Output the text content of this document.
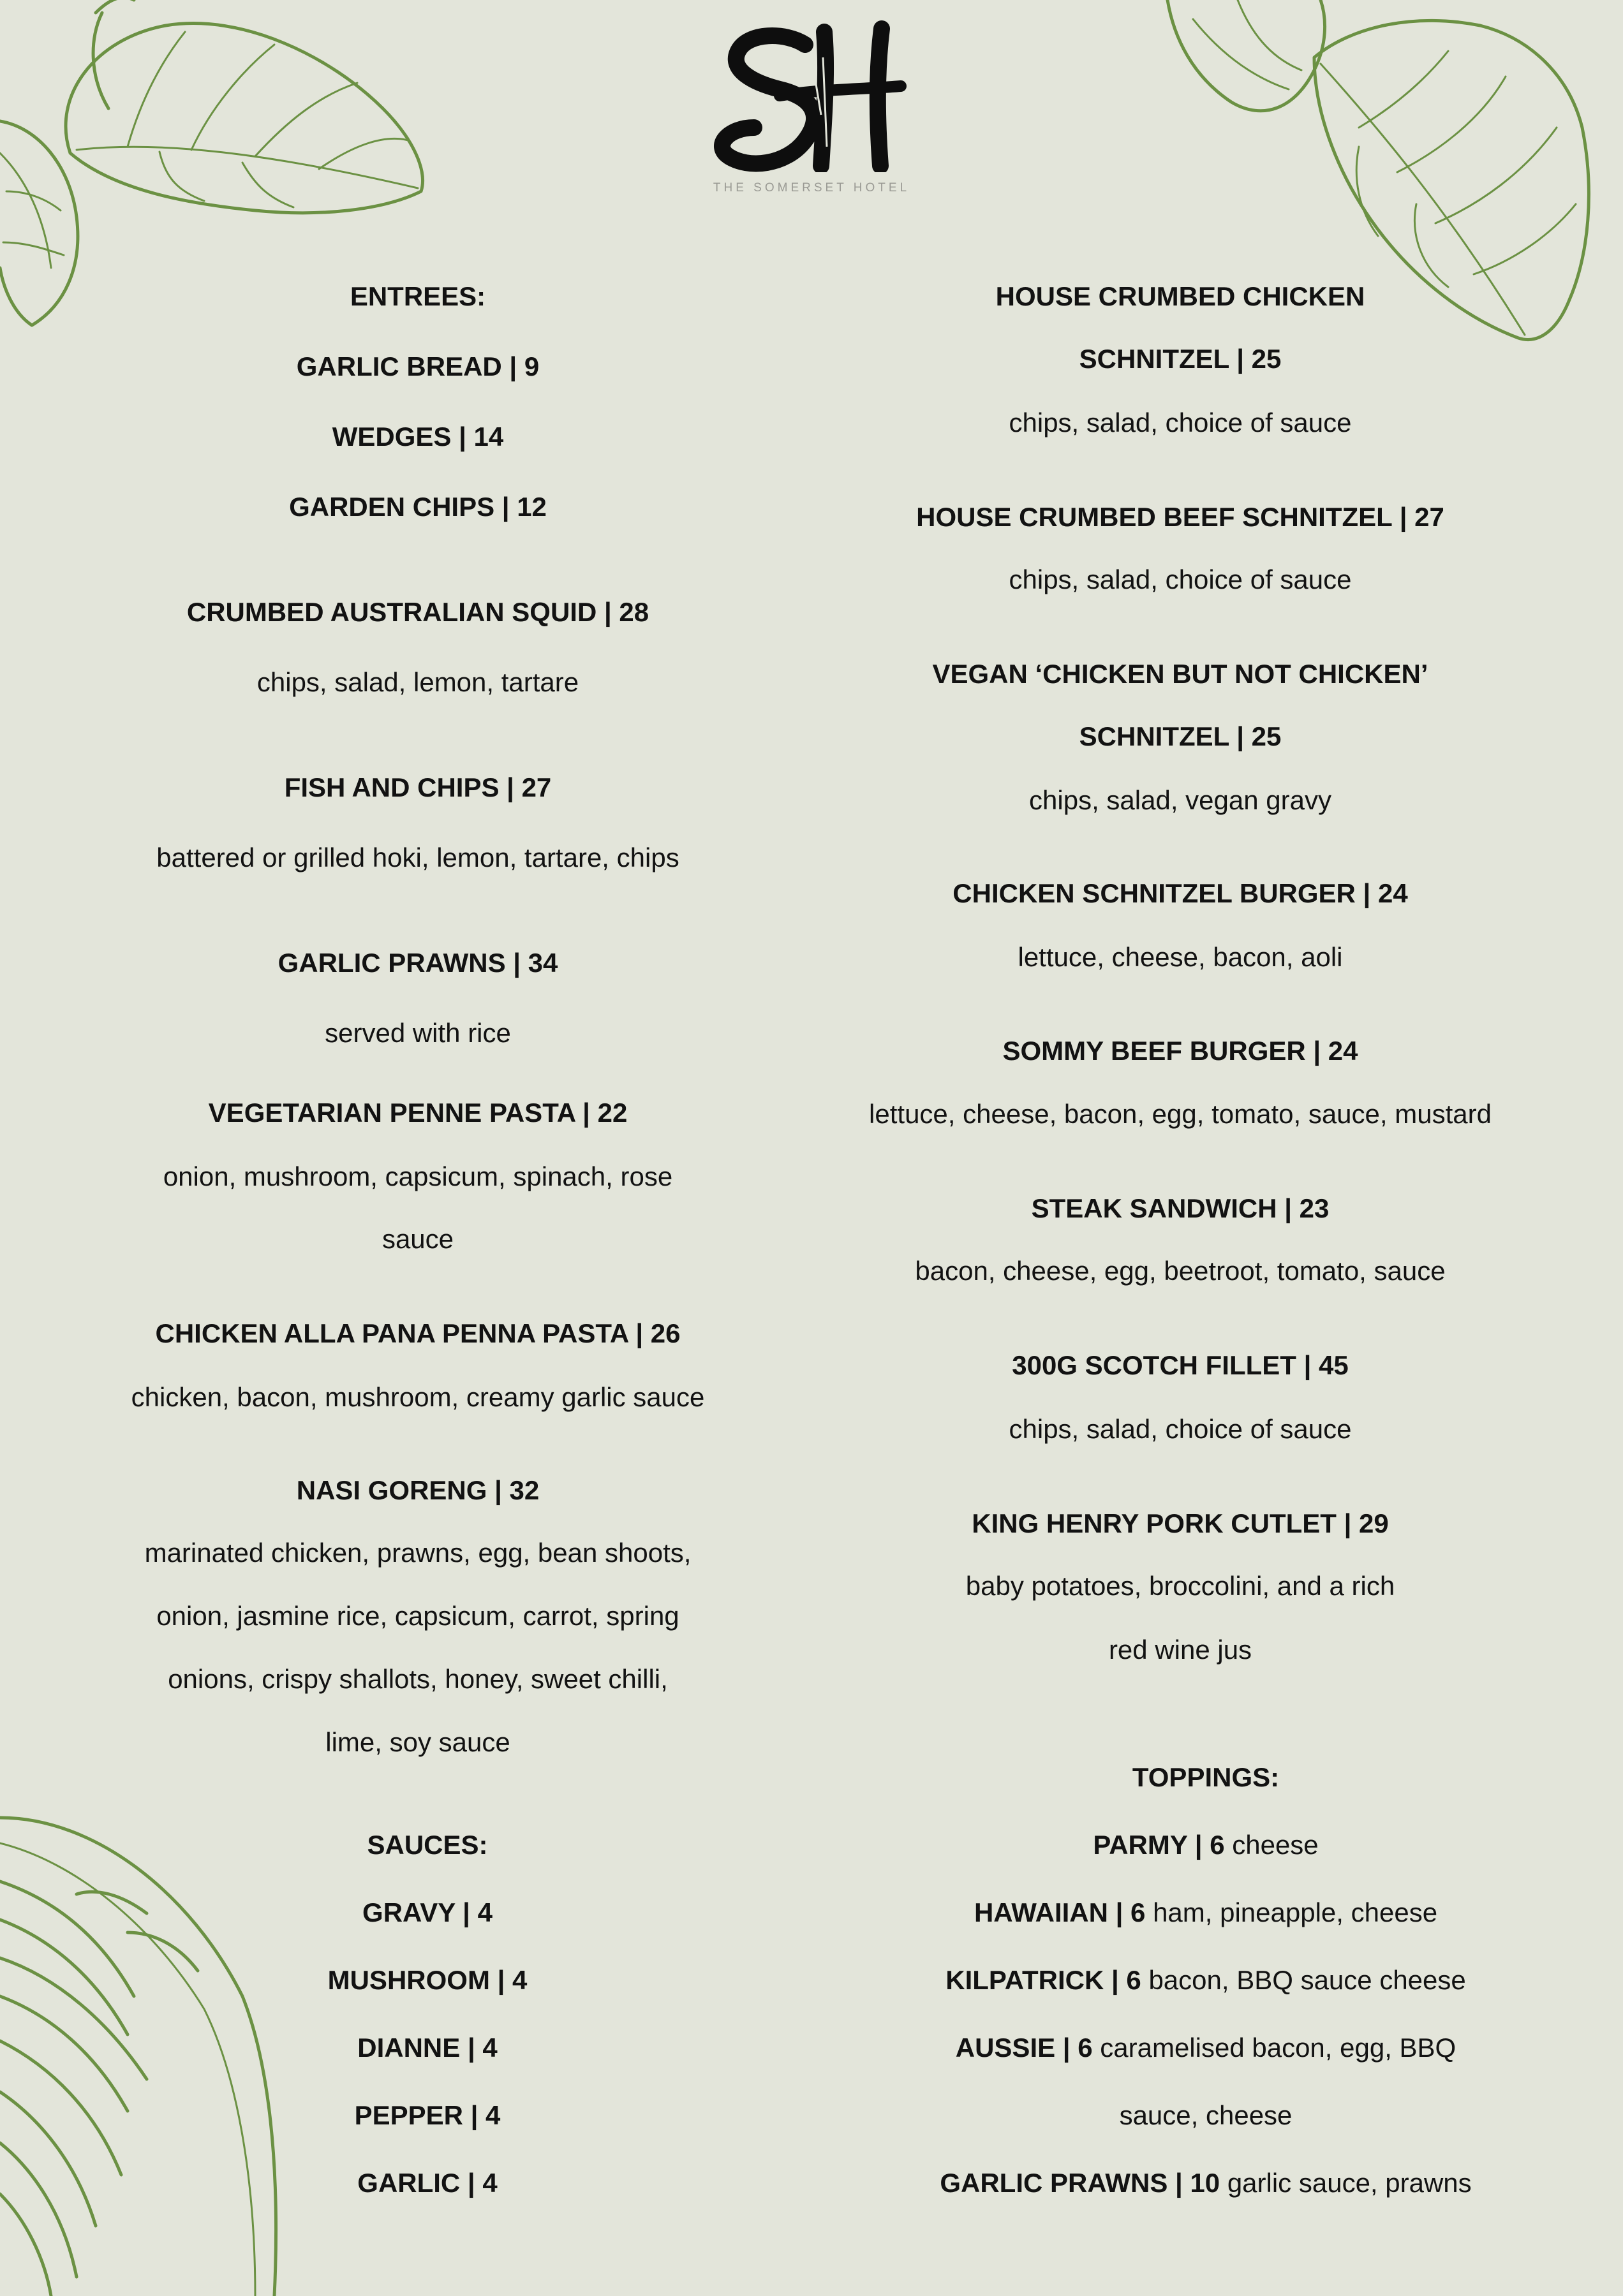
THE SOMERSET HOTEL
ENTREES:
GARLIC BREAD | 9
WEDGES | 14
GARDEN CHIPS | 12
CRUMBED AUSTRALIAN SQUID | 28
chips, salad, lemon, tartare
FISH AND CHIPS | 27
battered or grilled hoki, lemon, tartare, chips
GARLIC PRAWNS | 34
served with rice
VEGETARIAN PENNE PASTA | 22
onion, mushroom, capsicum, spinach, rose
sauce
CHICKEN ALLA PANA PENNA PASTA | 26
chicken, bacon, mushroom, creamy garlic sauce
NASI GORENG | 32
marinated chicken, prawns, egg, bean shoots,
onion, jasmine rice, capsicum, carrot, spring
onions, crispy shallots, honey, sweet chilli,
lime, soy sauce
SAUCES:
GRAVY | 4
MUSHROOM | 4
DIANNE | 4
PEPPER | 4
GARLIC | 4
HOUSE CRUMBED CHICKEN
SCHNITZEL | 25
chips, salad, choice of sauce
HOUSE CRUMBED BEEF SCHNITZEL | 27
chips, salad, choice of sauce
VEGAN ‘CHICKEN BUT NOT CHICKEN’
SCHNITZEL | 25
chips, salad, vegan gravy
CHICKEN SCHNITZEL BURGER | 24
lettuce, cheese, bacon, aoli
SOMMY BEEF BURGER | 24
lettuce, cheese, bacon, egg, tomato, sauce, mustard
STEAK SANDWICH | 23
bacon, cheese, egg, beetroot, tomato, sauce
300G SCOTCH FILLET | 45
chips, salad, choice of sauce
KING HENRY PORK CUTLET | 29
baby potatoes, broccolini, and a rich
red wine jus
TOPPINGS:
PARMY | 6 cheese
HAWAIIAN | 6 ham, pineapple, cheese
KILPATRICK | 6 bacon, BBQ sauce cheese
AUSSIE | 6 caramelised bacon, egg, BBQ
sauce, cheese
GARLIC PRAWNS | 10 garlic sauce, prawns
